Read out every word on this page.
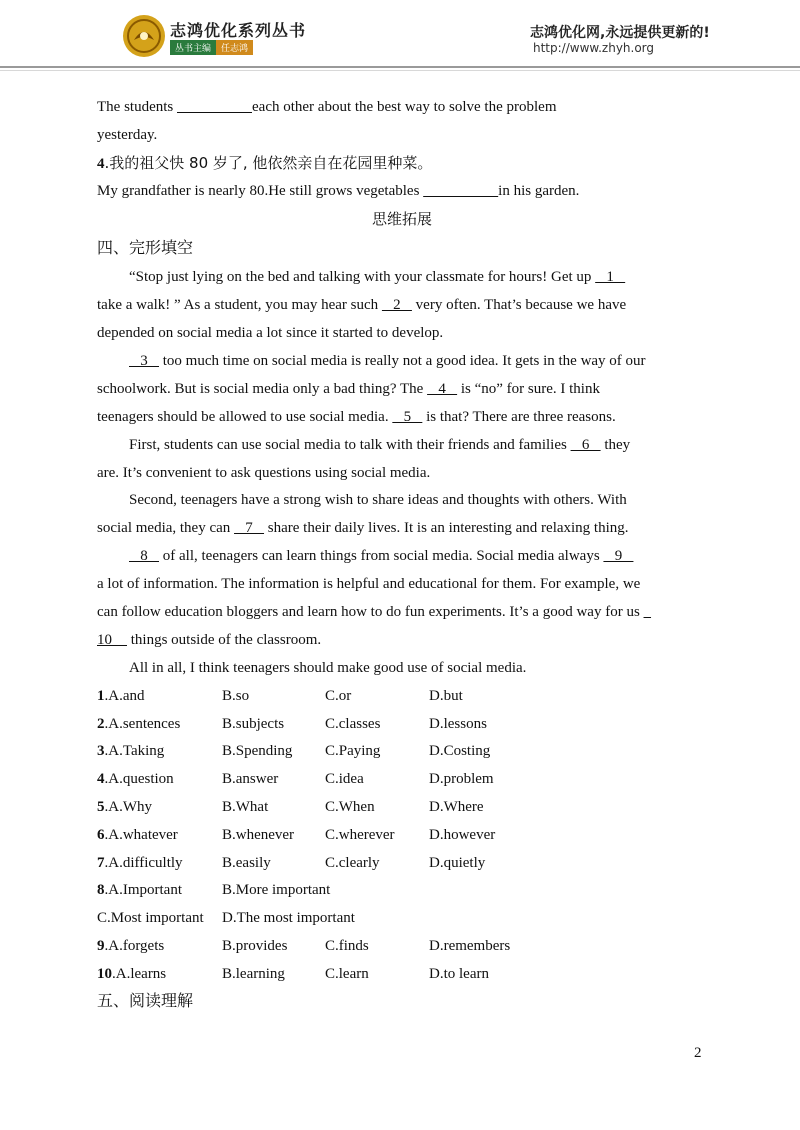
志鸿优化系列丛书
丛书主编	任志鸿
志鸿优化网,永远提供更新的!
http://www.zhyh.org
The students	each other about the best way to solve the problem
yesterday.
4.我的祖父快 80 岁了, 他依然亲自在花园里种菜。
My grandfather is nearly 80.He still grows vegetables	in his garden.
思维拓展
四、完形填空
“Stop just lying on the bed and talking with your classmate for hours! Get up    1
take a walk! ” As a student, you may hear such    2    very often. That’s because we have
depended on social media a lot since it started to develop.
3    too much time on social media is really not a good idea. It gets in the way of our
schoolwork. But is social media only a bad thing? The    4    is “no” for sure. I think
teenagers should be allowed to use social media.    5    is that? There are three reasons.
First, students can use social media to talk with their friends and families    6    they
are. It’s convenient to ask questions using social media.
Second, teenagers have a strong wish to share ideas and thoughts with others. With
social media, they can    7    share their daily lives. It is an interesting and relaxing thing.
8    of all, teenagers can learn things from social media. Social media always    9
a lot of information. The information is helpful and educational for them. For example, we
can follow education bloggers and learn how to do fun experiments. It’s a good way for us
10     things outside of the classroom.
All in all, I think teenagers should make good use of social media.
1.A.and	B.so	C.or	D.but
2.A.sentences	B.subjects	C.classes	D.lessons
3.A.Taking	B.Spending C.Paying	D.Costing
4.A.question	B.answer	C.idea	D.problem
5.A.Why	B.What	C.When	D.Where
6.A.whatever	B.whenever C.wherever D.however
7.A.difficultly	B.easily	C.clearly	D.quietly
8.A.Important	B.More important
C.Most important D.The most important
9.A.forgets	B.provides	C.finds	D.remembers
10.A.learns	B.learning	C.learn	D.to learn
五、阅读理解
2
